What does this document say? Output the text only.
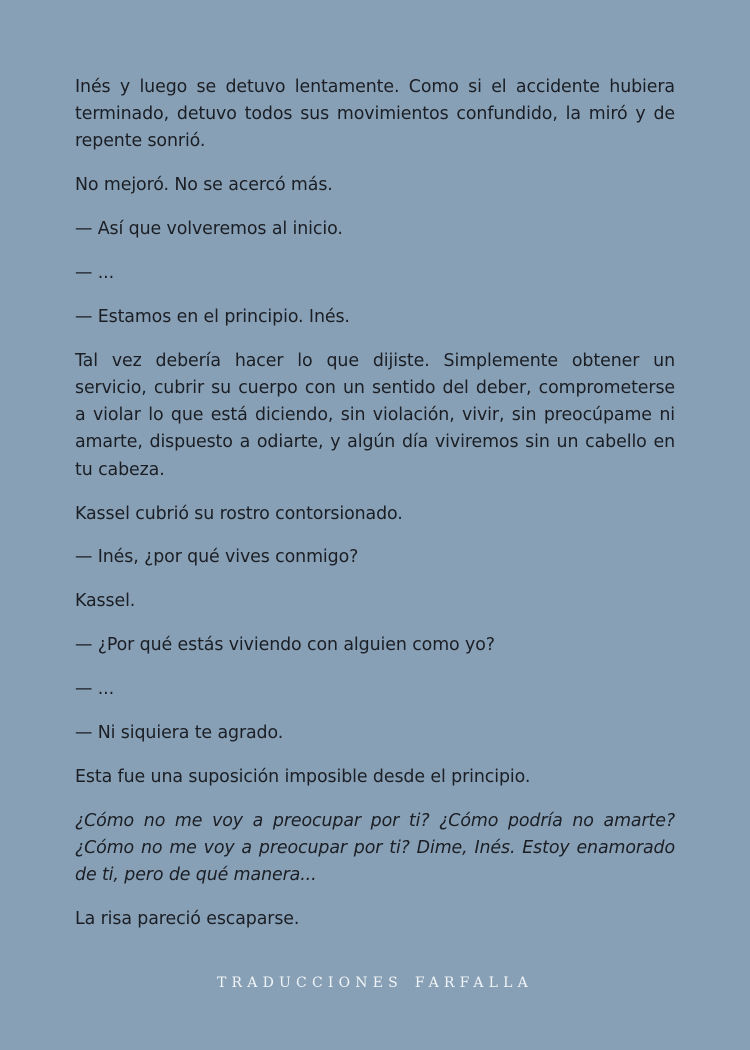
Inés y luego se detuvo lentamente. Como si el accidente hubiera terminado, detuvo todos sus movimientos confundido, la miró y de repente sonrió.

No mejoró. No se acercó más.

— Así que volveremos al inicio.

— ...

— Estamos en el principio. Inés.

Tal vez debería hacer lo que dijiste. Simplemente obtener un servicio, cubrir su cuerpo con un sentido del deber, comprometerse a violar lo que está diciendo, sin violación, vivir, sin preocúpame ni amarte, dispuesto a odiarte, y algún día viviremos sin un cabello en tu cabeza.

Kassel cubrió su rostro contorsionado.

— Inés, ¿por qué vives conmigo?

Kassel.

— ¿Por qué estás viviendo con alguien como yo?

— ...

— Ni siquiera te agrado.

Esta fue una suposición imposible desde el principio.

¿Cómo no me voy a preocupar por ti? ¿Cómo podría no amarte? ¿Cómo no me voy a preocupar por ti? Dime, Inés. Estoy enamorado de ti, pero de qué manera...

La risa pareció escaparse.

TRADUCCIONES FARFALLA
